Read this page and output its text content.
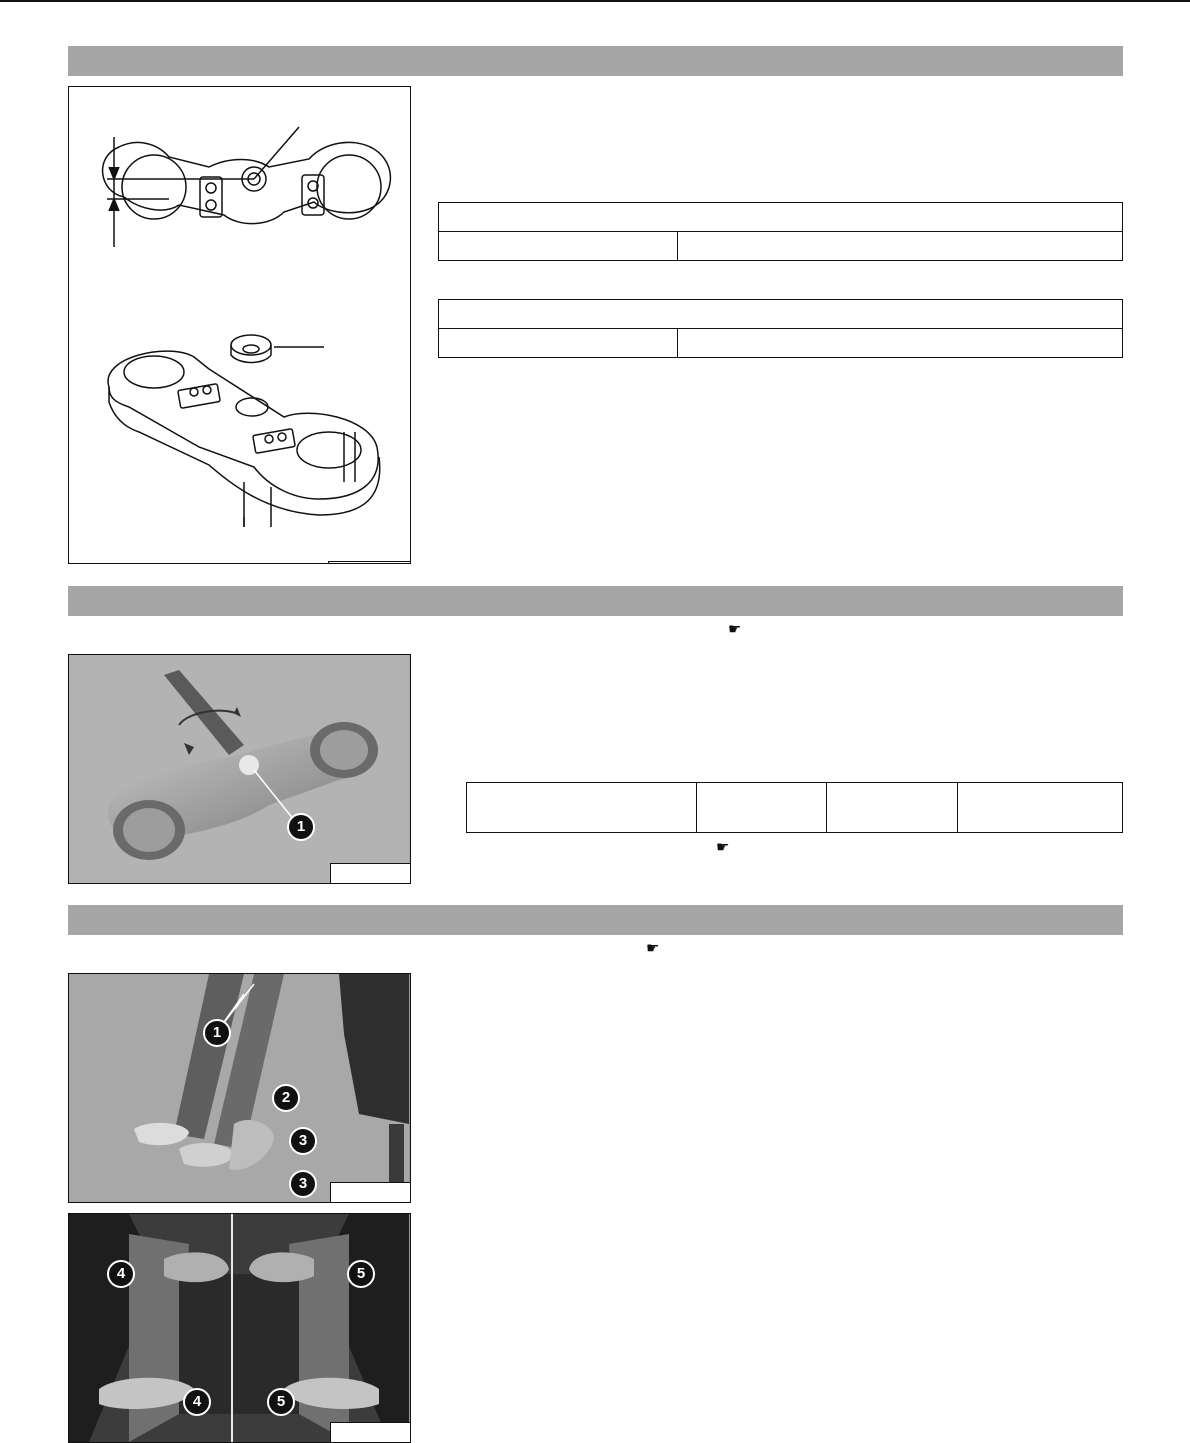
☛
1
☛
☛
1
2
3
3
4	5
4	5
